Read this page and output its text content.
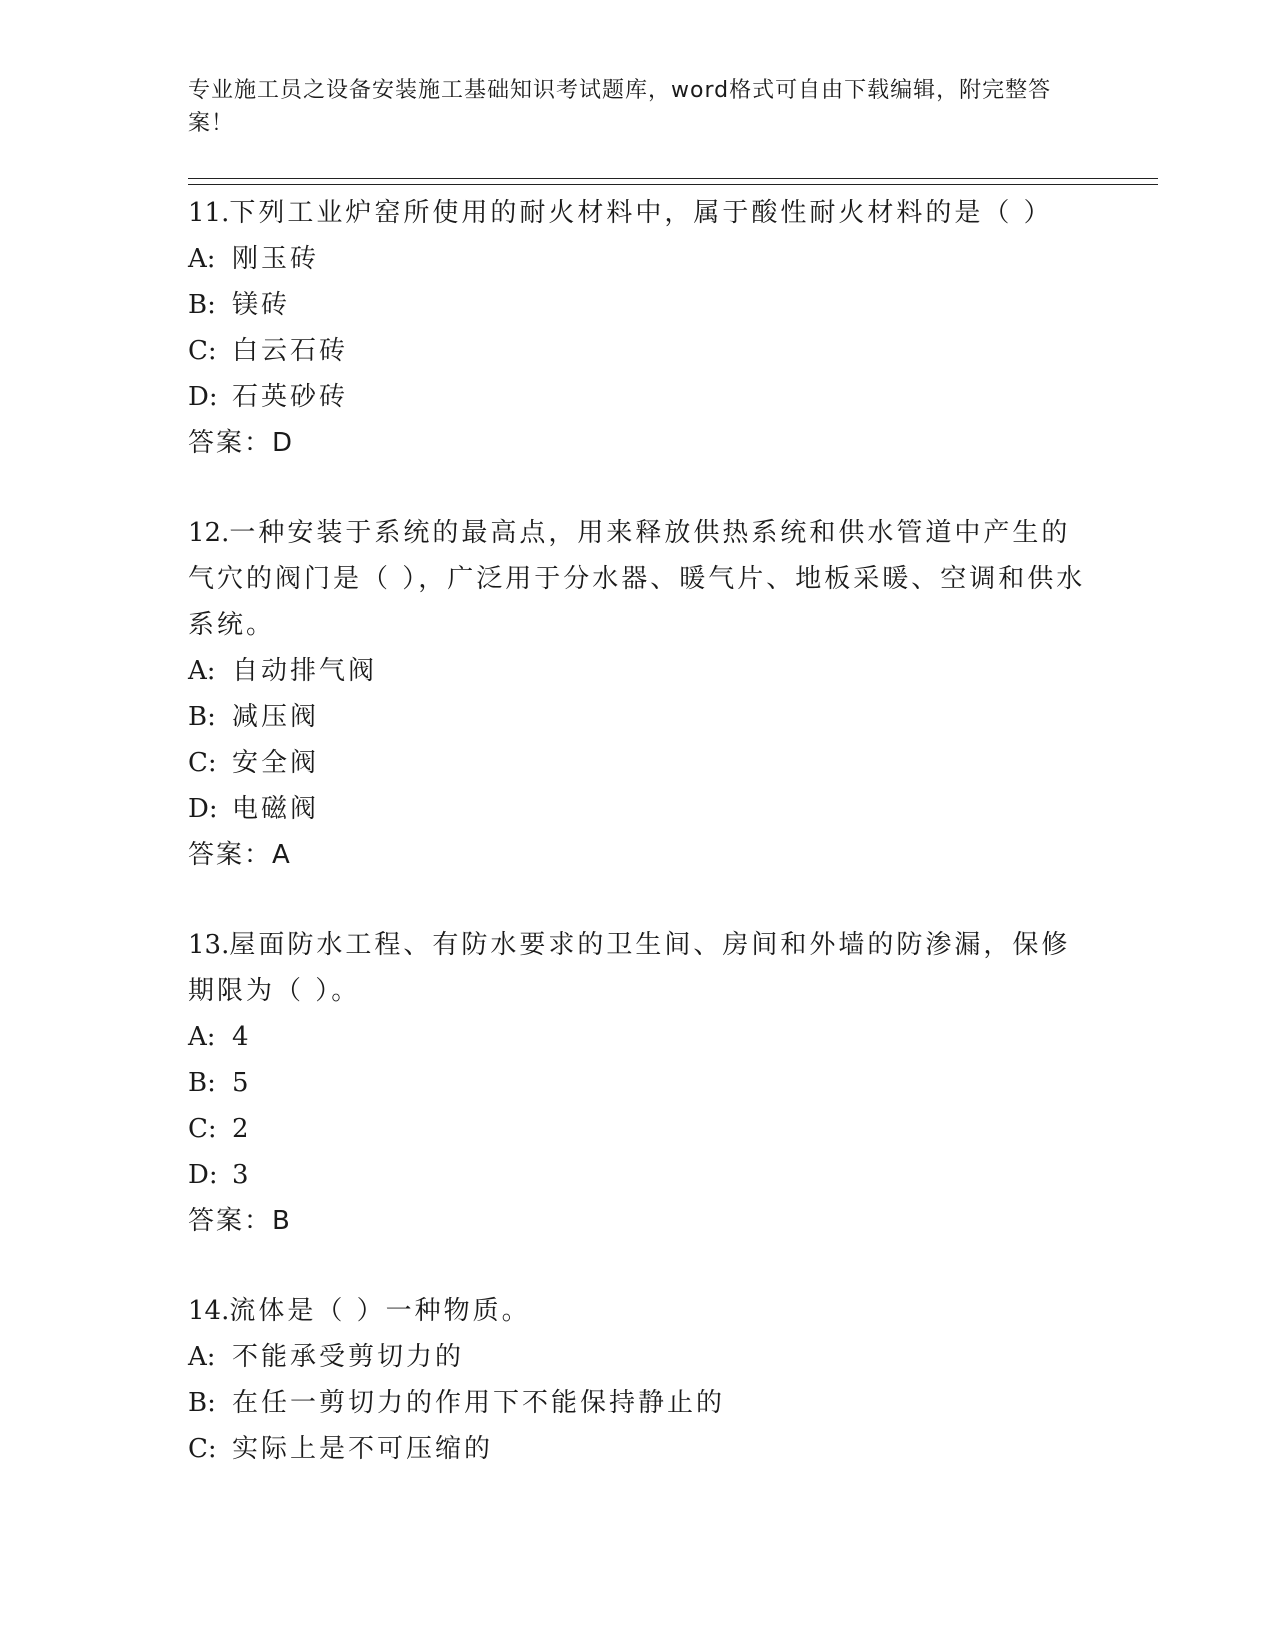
专业施工员之设备安装施工基础知识考试题库，word格式可自由下载编辑，附完整答案！
11.下列工业炉窑所使用的耐火材料中，属于酸性耐火材料的是（ ）
A: 刚玉砖
B: 镁砖
C: 白云石砖
D: 石英砂砖
答案：D
12.一种安装于系统的最高点，用来释放供热系统和供水管道中产生的气穴的阀门是（ ），广泛用于分水器、暖气片、地板采暖、空调和供水系统。
A: 自动排气阀
B: 减压阀
C: 安全阀
D: 电磁阀
答案：A
13.屋面防水工程、有防水要求的卫生间、房间和外墙的防渗漏，保修期限为（ ）。
A: 4
B: 5
C: 2
D: 3
答案：B
14.流体是（ ）一种物质。
A: 不能承受剪切力的
B: 在任一剪切力的作用下不能保持静止的
C: 实际上是不可压缩的
